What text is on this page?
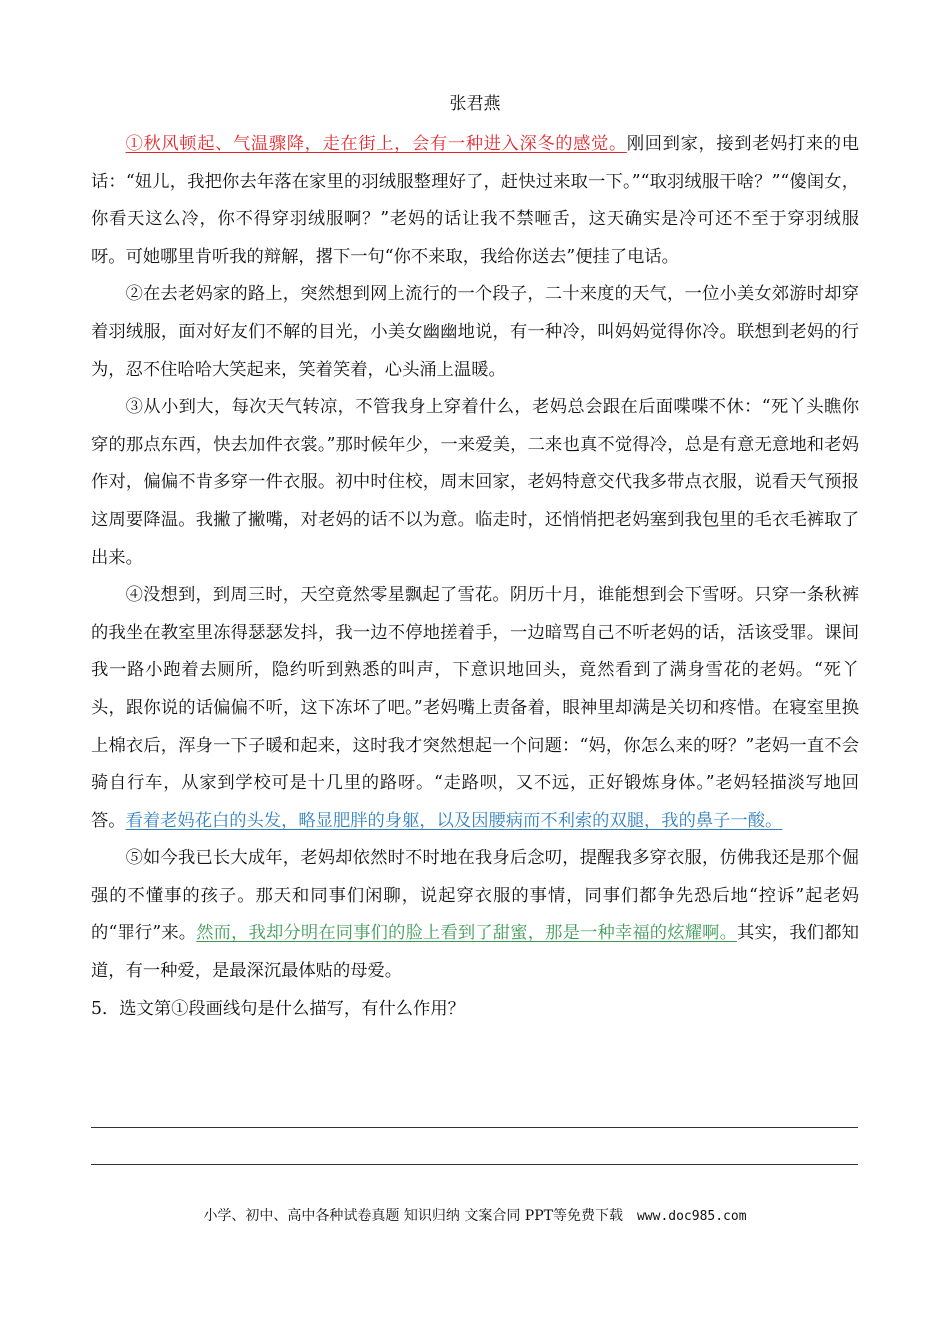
张君燕

①秋风顿起、气温骤降，走在街上，会有一种进入深冬的感觉。刚回到家，接到老妈打来的电话：“妞儿，我把你去年落在家里的羽绒服整理好了，赶快过来取一下。”“取羽绒服干啥？”“傻闺女，你看天这么冷，你不得穿羽绒服啊？”老妈的话让我不禁咂舌，这天确实是冷可还不至于穿羽绒服呀。可她哪里肯听我的辩解，撂下一句“你不来取，我给你送去”便挂了电话。

②在去老妈家的路上，突然想到网上流行的一个段子，二十来度的天气，一位小美女郊游时却穿着羽绒服，面对好友们不解的目光，小美女幽幽地说，有一种冷，叫妈妈觉得你冷。联想到老妈的行为，忍不住哈哈大笑起来，笑着笑着，心头涌上温暖。

③从小到大，每次天气转凉，不管我身上穿着什么，老妈总会跟在后面喋喋不休：“死丫头瞧你穿的那点东西，快去加件衣裳。”那时候年少，一来爱美，二来也真不觉得冷，总是有意无意地和老妈作对，偏偏不肯多穿一件衣服。初中时住校，周末回家，老妈特意交代我多带点衣服，说看天气预报这周要降温。我撇了撇嘴，对老妈的话不以为意。临走时，还悄悄把老妈塞到我包里的毛衣毛裤取了出来。

④没想到，到周三时，天空竟然零星飘起了雪花。阴历十月，谁能想到会下雪呀。只穿一条秋裤的我坐在教室里冻得瑟瑟发抖，我一边不停地搓着手，一边暗骂自己不听老妈的话，活该受罪。课间我一路小跑着去厕所，隐约听到熟悉的叫声，下意识地回头，竟然看到了满身雪花的老妈。“死丫头，跟你说的话偏偏不听，这下冻坏了吧。”老妈嘴上责备着，眼神里却满是关切和疼惜。在寝室里换上棉衣后，浑身一下子暖和起来，这时我才突然想起一个问题：“妈，你怎么来的呀？”老妈一直不会骑自行车，从家到学校可是十几里的路呀。“走路呗，又不远，正好锻炼身体。”老妈轻描淡写地回答。看着老妈花白的头发，略显肥胖的身躯，以及因腰病而不利索的双腿，我的鼻子一酸。

⑤如今我已长大成年，老妈却依然时不时地在我身后念叨，提醒我多穿衣服，仿佛我还是那个倔强的不懂事的孩子。那天和同事们闲聊，说起穿衣服的事情，同事们都争先恐后地“控诉”起老妈的“罪行”来。然而，我却分明在同事们的脸上看到了甜蜜，那是一种幸福的炫耀啊。其实，我们都知道，有一种爱，是最深沉最体贴的母爱。

5．选文第①段画线句是什么描写，有什么作用？

小学、初中、高中各种试卷真题 知识归纳 文案合同 PPT等免费下载 www.doc985.com
